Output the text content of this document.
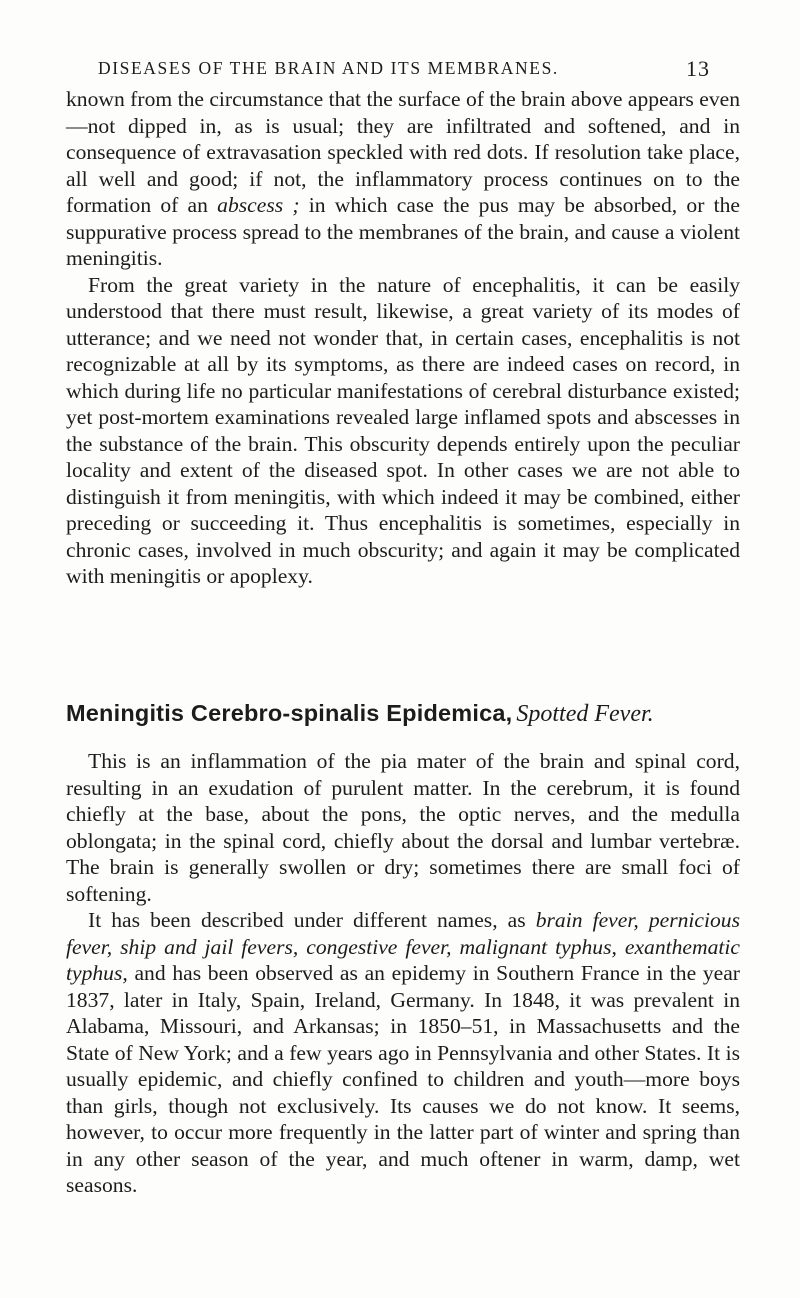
DISEASES OF THE BRAIN AND ITS MEMBRANES.	13

known from the circumstance that the surface of the brain above appears even—not dipped in, as is usual; they are infiltrated and softened, and in consequence of extravasation speckled with red dots. If resolution take place, all well and good; if not, the inflammatory process continues on to the formation of an abscess ; in which case the pus may be absorbed, or the suppurative process spread to the membranes of the brain, and cause a violent meningitis.

From the great variety in the nature of encephalitis, it can be easily understood that there must result, likewise, a great variety of its modes of utterance; and we need not wonder that, in certain cases, encephalitis is not recognizable at all by its symptoms, as there are indeed cases on record, in which during life no particular manifestations of cerebral disturbance existed; yet post-mortem examinations revealed large inflamed spots and abscesses in the substance of the brain. This obscurity depends entirely upon the peculiar locality and extent of the diseased spot. In other cases we are not able to distinguish it from meningitis, with which indeed it may be combined, either preceding or succeeding it. Thus encephalitis is sometimes, especially in chronic cases, involved in much obscurity; and again it may be complicated with meningitis or apoplexy.

Meningitis Cerebro-spinalis Epidemica, Spotted Fever.

This is an inflammation of the pia mater of the brain and spinal cord, resulting in an exudation of purulent matter. In the cerebrum, it is found chiefly at the base, about the pons, the optic nerves, and the medulla oblongata; in the spinal cord, chiefly about the dorsal and lumbar vertebræ. The brain is generally swollen or dry; sometimes there are small foci of softening.

It has been described under different names, as brain fever, pernicious fever, ship and jail fevers, congestive fever, malignant typhus, exanthematic typhus, and has been observed as an epidemy in Southern France in the year 1837, later in Italy, Spain, Ireland, Germany. In 1848, it was prevalent in Alabama, Missouri, and Arkansas; in 1850–51, in Massachusetts and the State of New York; and a few years ago in Pennsylvania and other States. It is usually epidemic, and chiefly confined to children and youth—more boys than girls, though not exclusively. Its causes we do not know. It seems, however, to occur more frequently in the latter part of winter and spring than in any other season of the year, and much oftener in warm, damp, wet seasons.
